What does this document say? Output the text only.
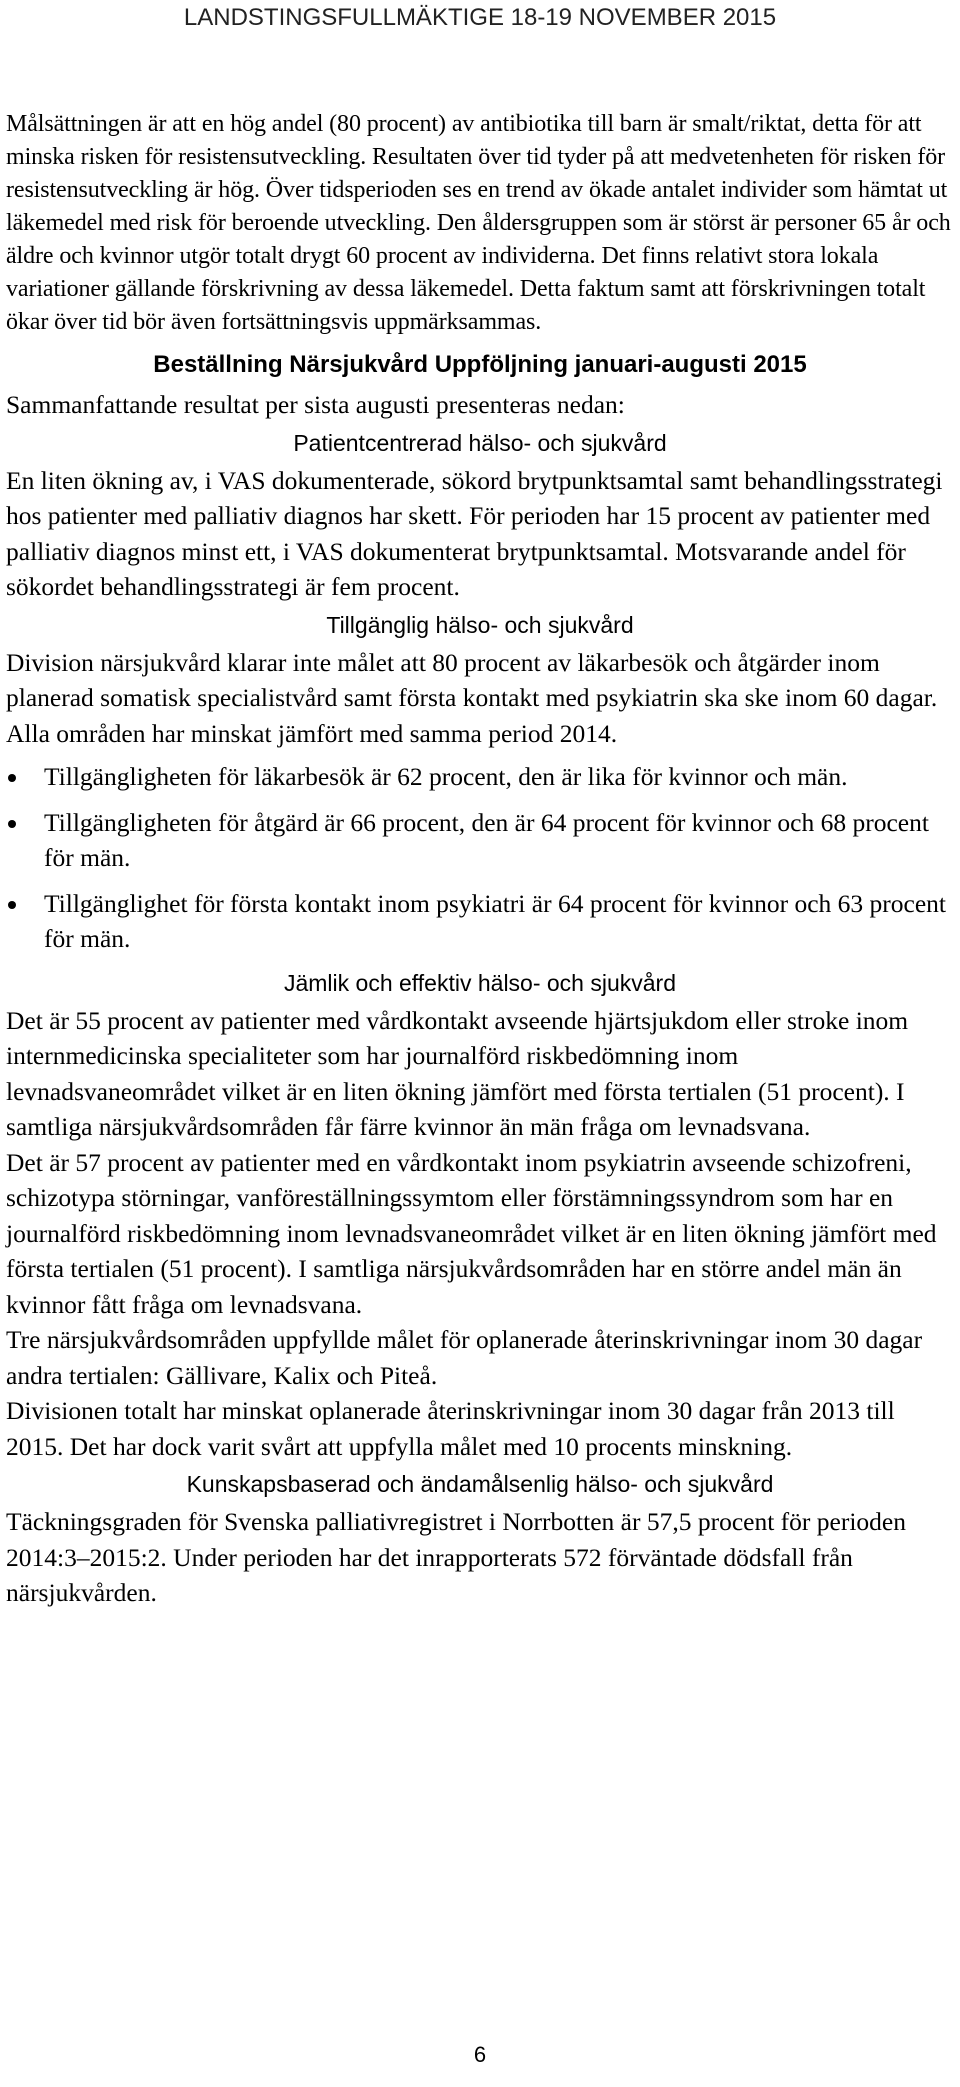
LANDSTINGSFULLMÄKTIGE 18-19 NOVEMBER 2015

Målsättningen är att en hög andel (80 procent) av antibiotika till barn är smalt/riktat, detta för att minska risken för resistensutveckling. Resultaten över tid tyder på att medvetenheten för risken för resistensutveckling är hög. Över tidsperioden ses en trend av ökade antalet individer som hämtat ut läkemedel med risk för beroende utveckling. Den åldersgruppen som är störst är personer 65 år och äldre och kvinnor utgör totalt drygt 60 procent av individerna. Det finns relativt stora lokala variationer gällande förskrivning av dessa läkemedel. Detta faktum samt att förskrivningen totalt ökar över tid bör även fortsättningsvis uppmärksammas.

Beställning Närsjukvård Uppföljning januari-augusti 2015

Sammanfattande resultat per sista augusti presenteras nedan:

Patientcentrerad hälso- och sjukvård

En liten ökning av, i VAS dokumenterade, sökord brytpunktsamtal samt behandlingsstrategi hos patienter med palliativ diagnos har skett. För perioden har 15 procent av patienter med palliativ diagnos minst ett, i VAS dokumenterat brytpunktsamtal. Motsvarande andel för sökordet behandlingsstrategi är fem procent.

Tillgänglig hälso- och sjukvård

Division närsjukvård klarar inte målet att 80 procent av läkarbesök och åtgärder inom planerad somatisk specialistvård samt första kontakt med psykiatrin ska ske inom 60 dagar. Alla områden har minskat jämfört med samma period 2014.

Tillgängligheten för läkarbesök är 62 procent, den är lika för kvinnor och män.
Tillgängligheten för åtgärd är 66 procent, den är 64 procent för kvinnor och 68 procent för män.
Tillgänglighet för första kontakt inom psykiatri är 64 procent för kvinnor och 63 procent för män.
Jämlik och effektiv hälso- och sjukvård

Det är 55 procent av patienter med vårdkontakt avseende hjärtsjukdom eller stroke inom internmedicinska specialiteter som har journalförd riskbedömning inom levnadsvaneområdet vilket är en liten ökning jämfört med första tertialen (51 procent). I samtliga närsjukvårdsområden får färre kvinnor än män fråga om levnadsvana.

Det är 57 procent av patienter med en vårdkontakt inom psykiatrin avseende schizofreni, schizotypa störningar, vanföreställningssymtom eller förstämningssyndrom som har en journalförd riskbedömning inom levnadsvaneområdet vilket är en liten ökning jämfört med första tertialen (51 procent). I samtliga närsjukvårdsområden har en större andel män än kvinnor fått fråga om levnadsvana.

Tre närsjukvårdsområden uppfyllde målet för oplanerade återinskrivningar inom 30 dagar andra tertialen: Gällivare, Kalix och Piteå.

Divisionen totalt har minskat oplanerade återinskrivningar inom 30 dagar från 2013 till 2015. Det har dock varit svårt att uppfylla målet med 10 procents minskning.

Kunskapsbaserad och ändamålsenlig hälso- och sjukvård

Täckningsgraden för Svenska palliativregistret i Norrbotten är 57,5 procent för perioden 2014:3–2015:2. Under perioden har det inrapporterats 572 förväntade dödsfall från närsjukvården.

6
